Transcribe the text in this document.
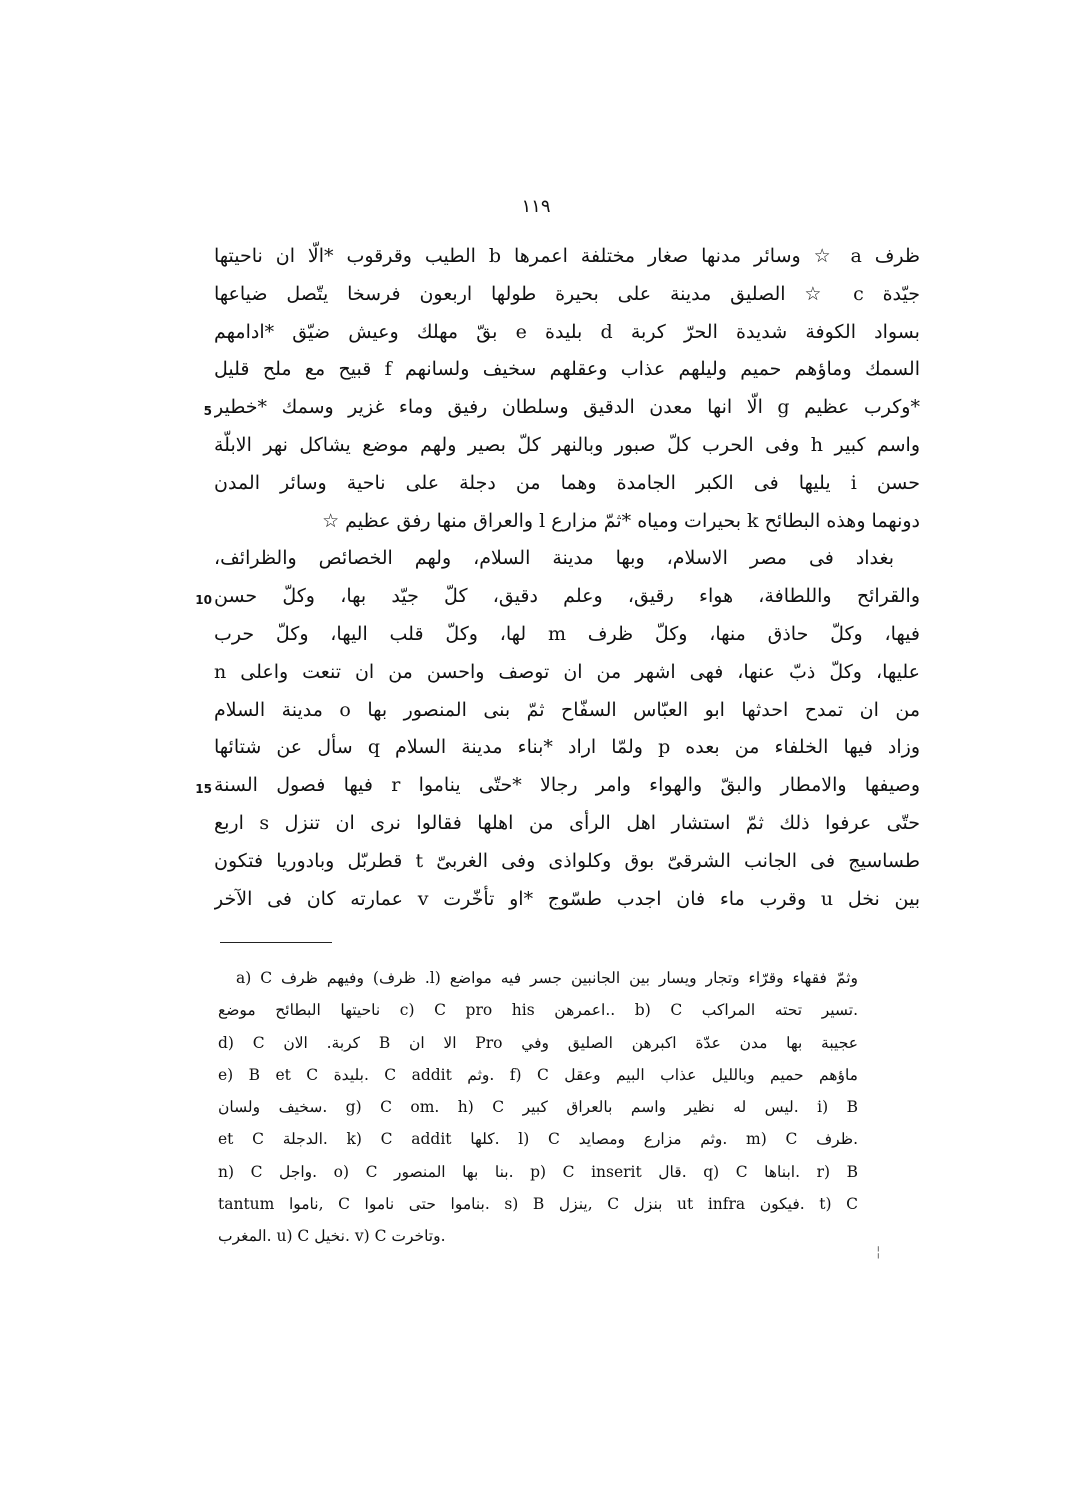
١١٩
ظرف a ☆ وسائر مدنها صغار مختلفة اعمرها b الطيب وقرقوب *الّا ان ناحيتها
جيّدة c ☆ الصليق مدينة على بحيرة طولها اربعون فرسخا يتّصل ضياعها
بسواد الكوفة شديدة الحرّ كربة d بليدة e بقّ مهلك وعيش ضيّق *ادامهم
السمك وماؤهم حميم وليلهم عذاب وعقلهم سخيف ولسانهم f قبيح مع ملح قليل
*وكرب عظيم g الّا انها معدن الدقيق وسلطان رفيق وماء غزير وسمك *خطير
واسم كبير h وفى الحرب كلّ صبور وبالنهر كلّ بصير ولهم موضع يشاكل نهر الابلّة
حسن i يليها فى الكبر الجامدة وهما من دجلة على ناحية وسائر المدن
دونهما وهذه البطائح k بحيرات ومياه *ثمّ مزارع l والعراق منها رفق عظيم ☆
بغداد فى مصر الاسلام، وبها مدينة السلام، ولهم الخصائص والظرائف،
والقرائح واللطافة، هواء رقيق، وعلم دقيق، كلّ جيّد بها، وكلّ حسن
فيها، وكلّ حاذق منها، وكلّ ظرف m لها، وكلّ قلب اليها، وكلّ حرب
عليها، وكلّ ذبّ عنها، فهى اشهر من ان توصف واحسن من ان تنعت واعلى n
من ان تمدح احدثها ابو العبّاس السفّاح ثمّ بنى المنصور بها o مدينة السلام
وزاد فيها الخلفاء من بعده p ولمّا اراد *بناء مدينة السلام q سأل عن شتائها
وصيفها والامطار والبقّ والهواء وامر رجالا *حتّى يناموا r فيها فصول السنة
حتّى عرفوا ذلك ثمّ استشار اهل الرأى من اهلها فقالوا نرى ان تنزل s اربع
طساسيج فى الجانب الشرقىّ بوق وكلواذى وفى الغربىّ t قطربّل وبادوريا فتكون
بين نخل u وقرب ماء فان اجدب طسّوج *او تأخّرت v عمارته كان فى الآخر
5
10
15
a) C وفيهم ظرف (ظرف .l) وثمّ فقهاء وقرّاء وتجار ويسار بين الجانبين جسر فيه مواضع
ناحيتها البطائح موضع c) C pro his اعمرهن.. b) C تسير تحته المراكب.
d) C كربة. الان B الا ان Pro عجيبة بها مدن عدّة اكبرهن الصليق وفي
e) B et C بليدة. C addit وثم. f) C ماؤهم حميم وبالليل عذاب البيم وعقل
سخيف ولسان. g) C om. h) C ليس له نظير واسم بالعراق كبير. i) B
et C الدجلة. k) C addit كلها. l) C وثم مزارع ومصايد. m) C ظرف.
n) C واجل. o) C بنا بها المنصور. p) C inserit قال. q) C ابناها. r) B
tantum ناموا, C بناموا حتى ناموا. s) B ينزل, C بنزل ut infra فيكون. t) C
المغرب. u) C نخيل. v) C وتاخرت.
¦
